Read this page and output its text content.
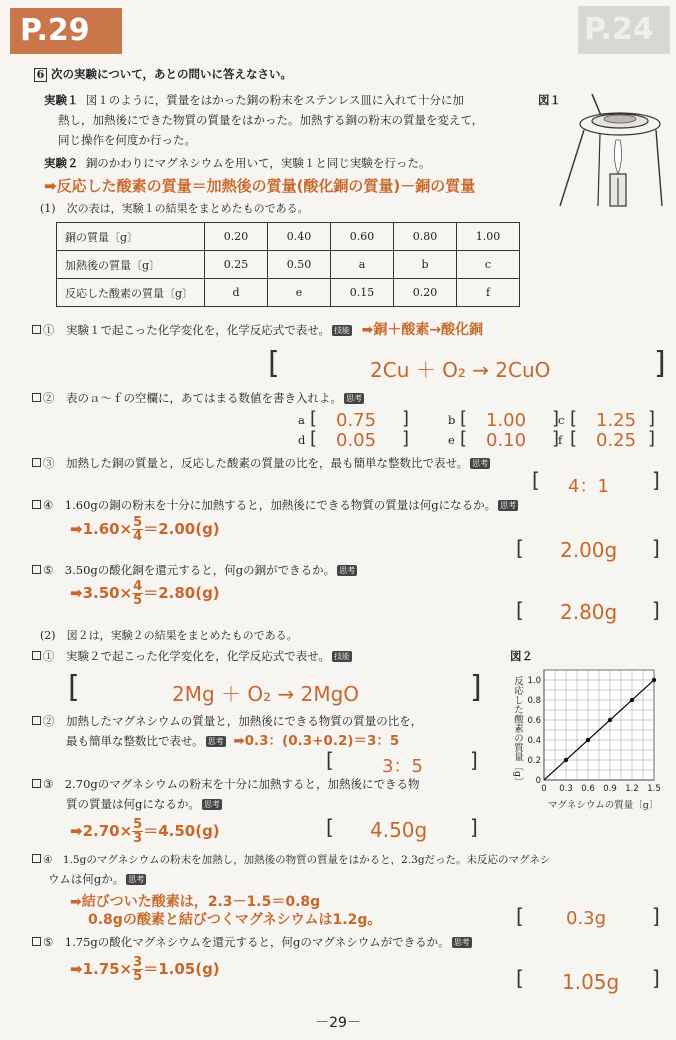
P.29	P.24
6 次の実験について，あとの問いに答えなさい。
実験１ 図１のように，質量をはかった銅の粉末をステンレス皿に入れて十分に加
熱し，加熱後にできた物質の質量をはかった。加熱する銅の粉末の質量を変えて，
同じ操作を何度か行った。
図１
実験２ 銅のかわりにマグネシウムを用いて，実験１と同じ実験を行った。
➡反応した酸素の質量＝加熱後の質量(酸化銅の質量)－銅の質量
(1)　次の表は，実験１の結果をまとめたものである。
銅の質量〔g〕	0.20	0.40	0.60	0.80	1.00
加熱後の質量〔g〕	0.25	0.50	a	b	c
反応した酸素の質量〔g〕	d	e	0.15	0.20	f
①　実験１で起こった化学変化を，化学反応式で表せ。 技能 ➡銅＋酸素→酸化銅
[	2Cu ＋ O₂ → 2CuO	]
②　表のａ～ｆの空欄に，あてはまる数値を書き入れよ。 思考
a [ 0.75 ]	b [ 1.00 ]
c [ 1.25 ]
d [ 0.05 ]	e [ 0.10 ]
f [ 0.25 ]
③　加熱した銅の質量と，反応した酸素の質量の比を，最も簡単な整数比で表せ。 思考
[ 4：1 ]
④　1.60gの銅の粉末を十分に加熱すると，加熱後にできる物質の質量は何gになるか。 思考
➡1.60× $\frac{5}{4} =2.00(g)$
[ 2.00g ]
⑤　3.50gの酸化銅を還元すると，何gの銅ができるか。 思考
➡3.50× $\frac{4}{5} =2.80(g)$
[ 2.80g ]
(2)　図２は，実験２の結果をまとめたものである。
①　実験２で起こった化学変化を，化学反応式で表せ。 技能
[	2Mg ＋ O₂ → 2MgO	]
図２
0 0.3 0.6 0.9 1.2 1.5
0
0.2
0.4
0.6
0.8
1.0
反応した酸素の質量〔g〕
マグネシウムの質量〔g〕
②　加熱したマグネシウムの質量と，加熱後にできる物質の質量の比を，
最も簡単な整数比で表せ。 思考 ➡0.3：(0.3+0.2)＝3：5
[	3：5 ]
③　2.70gのマグネシウムの粉末を十分に加熱すると，加熱後にできる物
質の質量は何gになるか。 思考
➡2.70× $\frac{5}{3} =4.50(g)$	[ 4.50g ]
④　1.5gのマグネシウムの粉末を加熱し，加熱後の物質の質量をはかると，2.3gだった。未反応のマグネシ
ウムは何gか。 思考
➡結びついた酸素は，2.3－1.5＝0.8g
0.8gの酸素と結びつくマグネシウムは1.2g。	[ 0.3g ]
⑤　1.75gの酸化マグネシウムを還元すると，何gのマグネシウムができるか。 思考
➡1.75× $\frac{3}{5} =1.05(g)$	[ 1.05g ]
－29－
